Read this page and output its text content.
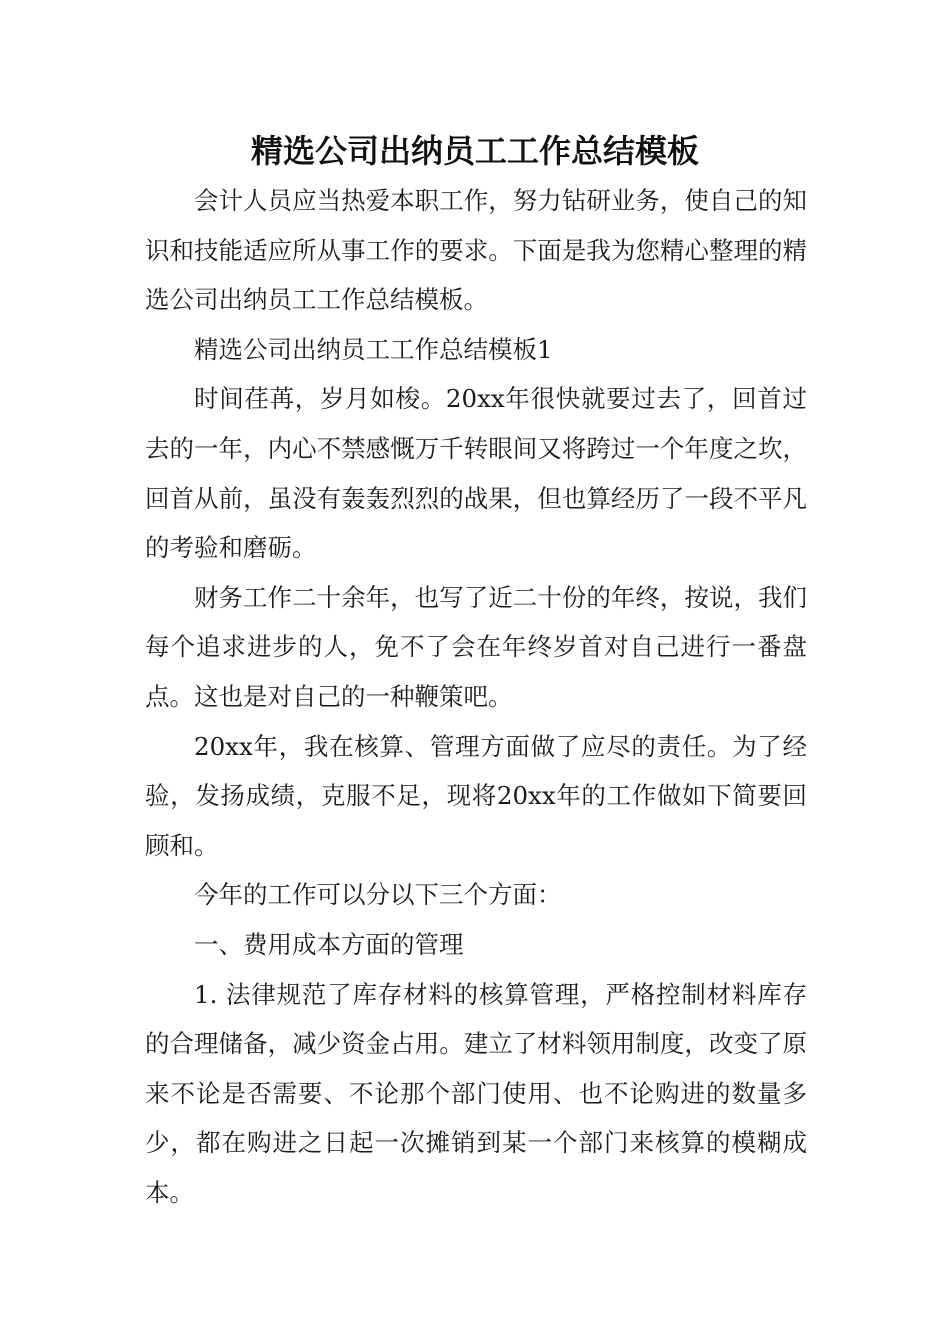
精选公司出纳员工工作总结模板

会计人员应当热爱本职工作，努力钻研业务，使自己的知识和技能适应所从事工作的要求。下面是我为您精心整理的精选公司出纳员工工作总结模板。

精选公司出纳员工工作总结模板1

时间荏苒，岁月如梭。20xx年很快就要过去了，回首过去的一年，内心不禁感慨万千转眼间又将跨过一个年度之坎，回首从前，虽没有轰轰烈烈的战果，但也算经历了一段不平凡的考验和磨砺。

财务工作二十余年，也写了近二十份的年终，按说，我们每个追求进步的人，免不了会在年终岁首对自己进行一番盘点。这也是对自己的一种鞭策吧。

20xx年，我在核算、管理方面做了应尽的责任。为了经验，发扬成绩，克服不足，现将20xx年的工作做如下简要回顾和。

今年的工作可以分以下三个方面：

一、费用成本方面的管理

1. 法律规范了库存材料的核算管理，严格控制材料库存的合理储备，减少资金占用。建立了材料领用制度，改变了原来不论是否需要、不论那个部门使用、也不论购进的数量多少，都在购进之日起一次摊销到某一个部门来核算的模糊成本。
